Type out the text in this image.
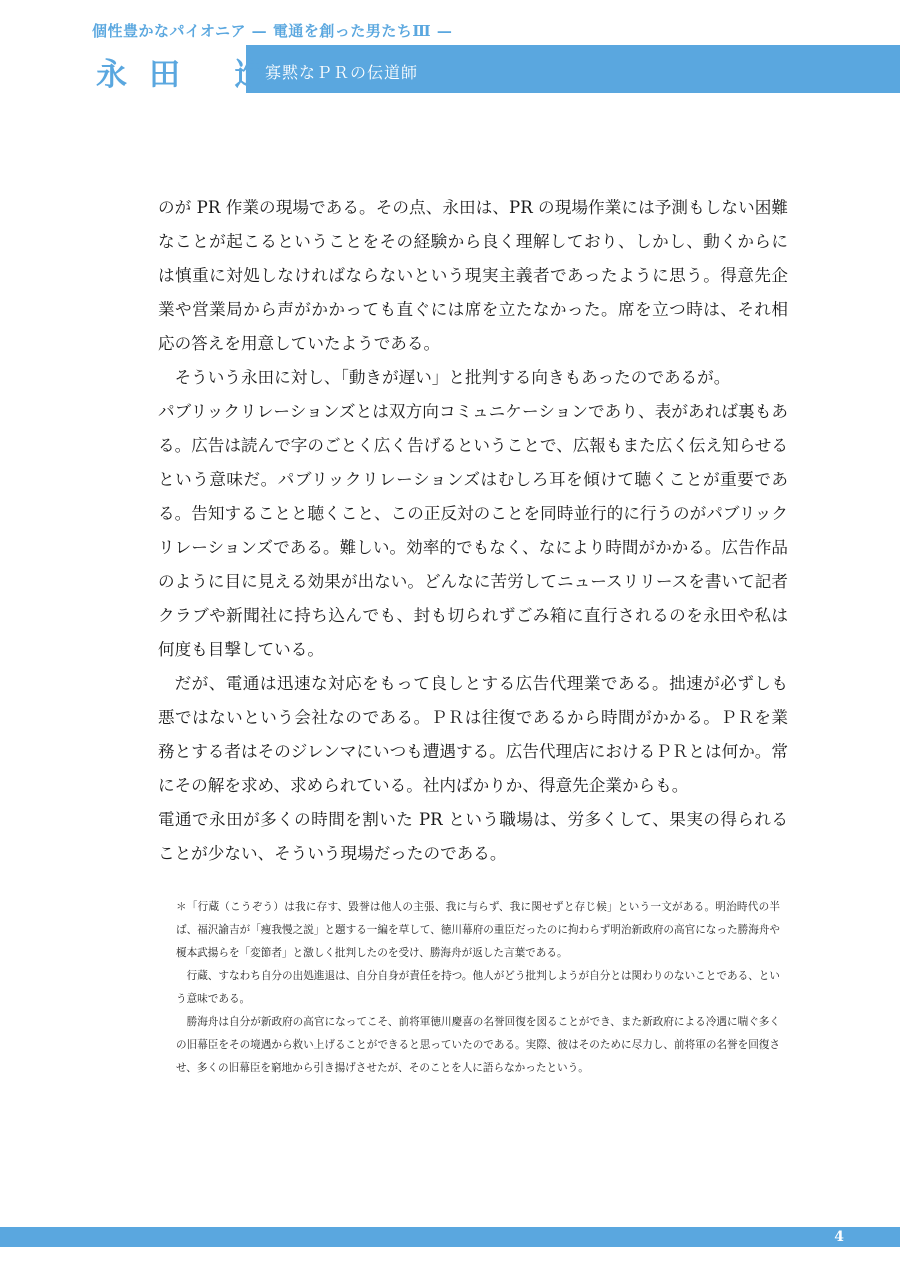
個性豊かなパイオニア — 電通を創った男たちⅢ —
永田 進
寡黙なＰＲの伝道師

のが PR 作業の現場である。その点、永田は、PR の現場作業には予測もしない困難なことが起こるということをその経験から良く理解しており、しかし、動くからには慎重に対処しなければならないという現実主義者であったように思う。得意先企業や営業局から声がかかっても直ぐには席を立たなかった。席を立つ時は、それ相応の答えを用意していたようである。

そういう永田に対し、「動きが遅い」と批判する向きもあったのであるが。

パブリックリレーションズとは双方向コミュニケーションであり、表があれば裏もある。広告は読んで字のごとく広く告げるということで、広報もまた広く伝え知らせるという意味だ。パブリックリレーションズはむしろ耳を傾けて聴くことが重要である。告知することと聴くこと、この正反対のことを同時並行的に行うのがパブリックリレーションズである。難しい。効率的でもなく、なにより時間がかかる。広告作品のように目に見える効果が出ない。どんなに苦労してニュースリリースを書いて記者クラブや新聞社に持ち込んでも、封も切られずごみ箱に直行されるのを永田や私は何度も目撃している。

だが、電通は迅速な対応をもって良しとする広告代理業である。拙速が必ずしも悪ではないという会社なのである。ＰＲは往復であるから時間がかかる。ＰＲを業務とする者はそのジレンマにいつも遭遇する。広告代理店におけるＰＲとは何か。常にその解を求め、求められている。社内ばかりか、得意先企業からも。

電通で永田が多くの時間を割いた PR という職場は、労多くして、果実の得られることが少ない、そういう現場だったのである。

＊「行蔵（こうぞう）は我に存す、毀誉は他人の主張、我に与らず、我に関せずと存じ候」という一文がある。明治時代の半ば、福沢諭吉が「痩我慢之説」と題する一編を草して、徳川幕府の重臣だったのに拘わらず明治新政府の高官になった勝海舟や榎本武揚らを「変節者」と激しく批判したのを受け、勝海舟が返した言葉である。

行蔵、すなわち自分の出処進退は、自分自身が責任を持つ。他人がどう批判しようが自分とは関わりのないことである、という意味である。

勝海舟は自分が新政府の高官になってこそ、前将軍徳川慶喜の名誉回復を図ることができ、また新政府による冷遇に喘ぐ多くの旧幕臣をその境遇から救い上げることができると思っていたのである。実際、彼はそのために尽力し、前将軍の名誉を回復させ、多くの旧幕臣を窮地から引き揚げさせたが、そのことを人に語らなかったという。

4
